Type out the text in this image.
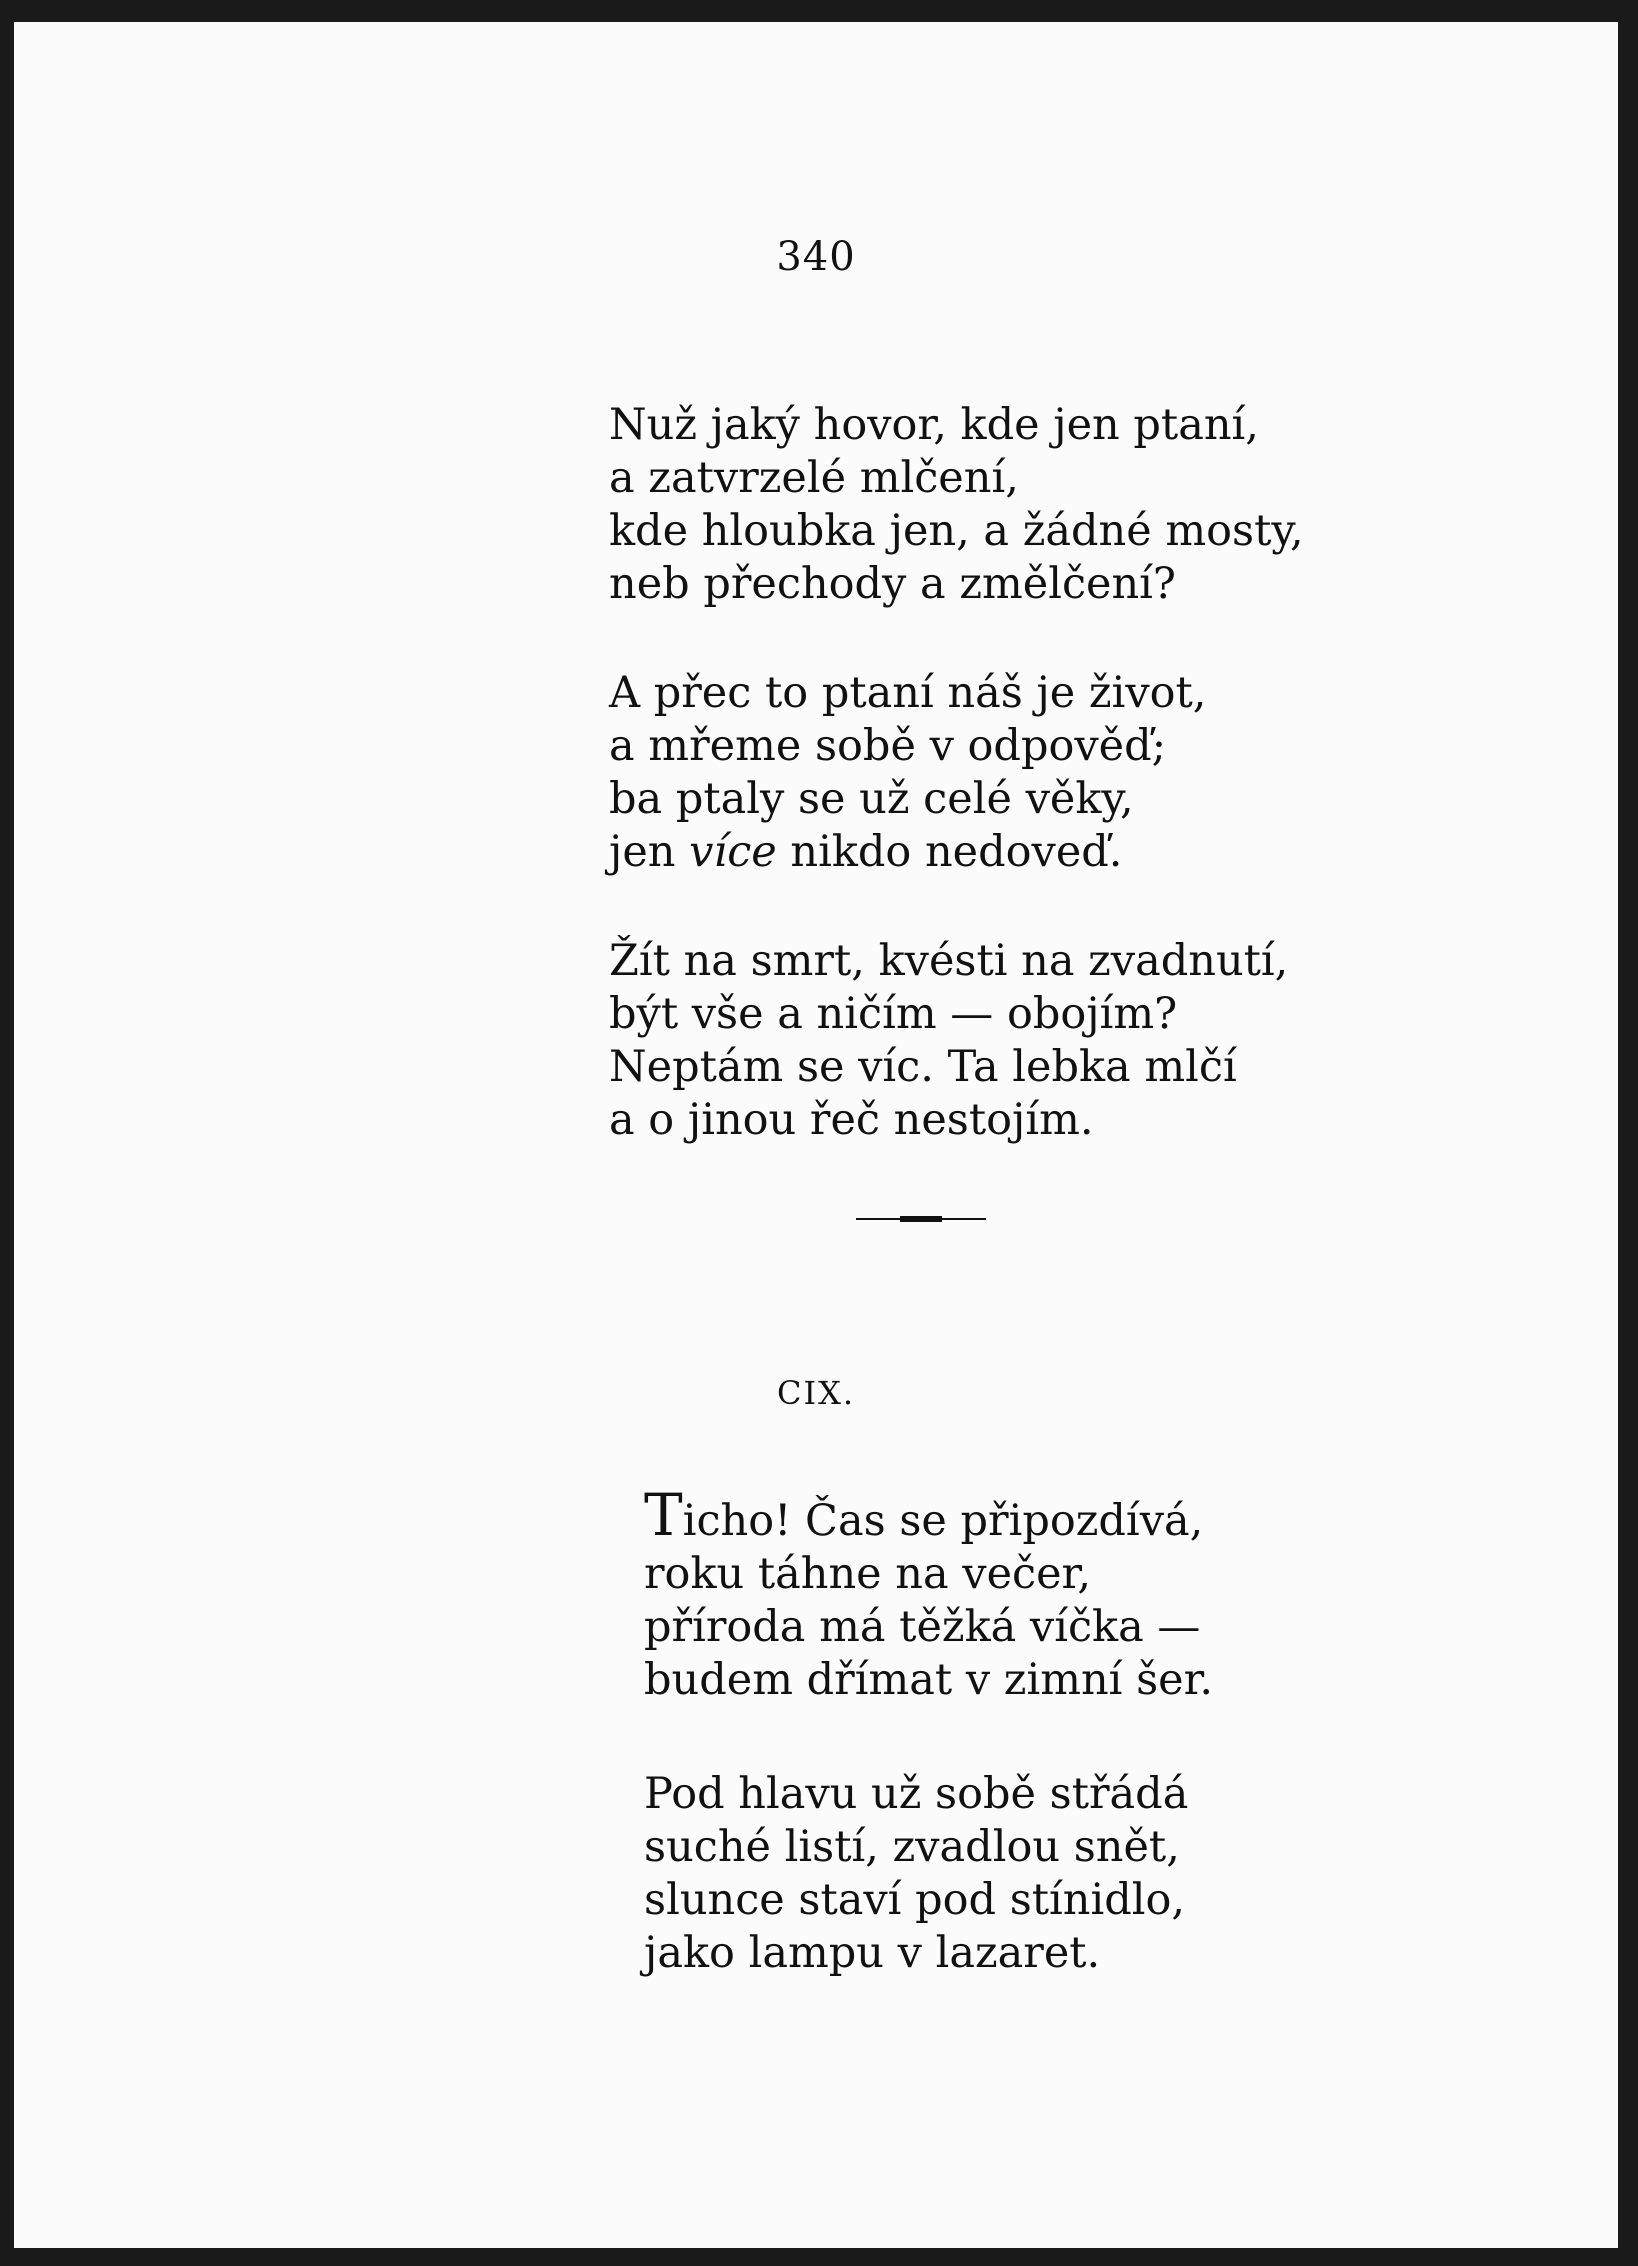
340
Nuž jaký hovor, kde jen ptaní,
a zatvrzelé mlčení,
kde hloubka jen, a žádné mosty,
neb přechody a změlčení?
A přec to ptaní náš je život,
a mřeme sobě v odpověď;
ba ptaly se už celé věky,
jen více nikdo nedoveď.
Žít na smrt, kvésti na zvadnutí,
být vše a ničím — obojím?
Neptám se víc. Ta lebka mlčí
a o jinou řeč nestojím.
CIX.
Ticho! Čas se připozdívá,
roku táhne na večer,
příroda má těžká víčka —
budem dřímat v zimní šer.
Pod hlavu už sobě střádá
suché listí, zvadlou snět,
slunce staví pod stínidlo,
jako lampu v lazaret.
